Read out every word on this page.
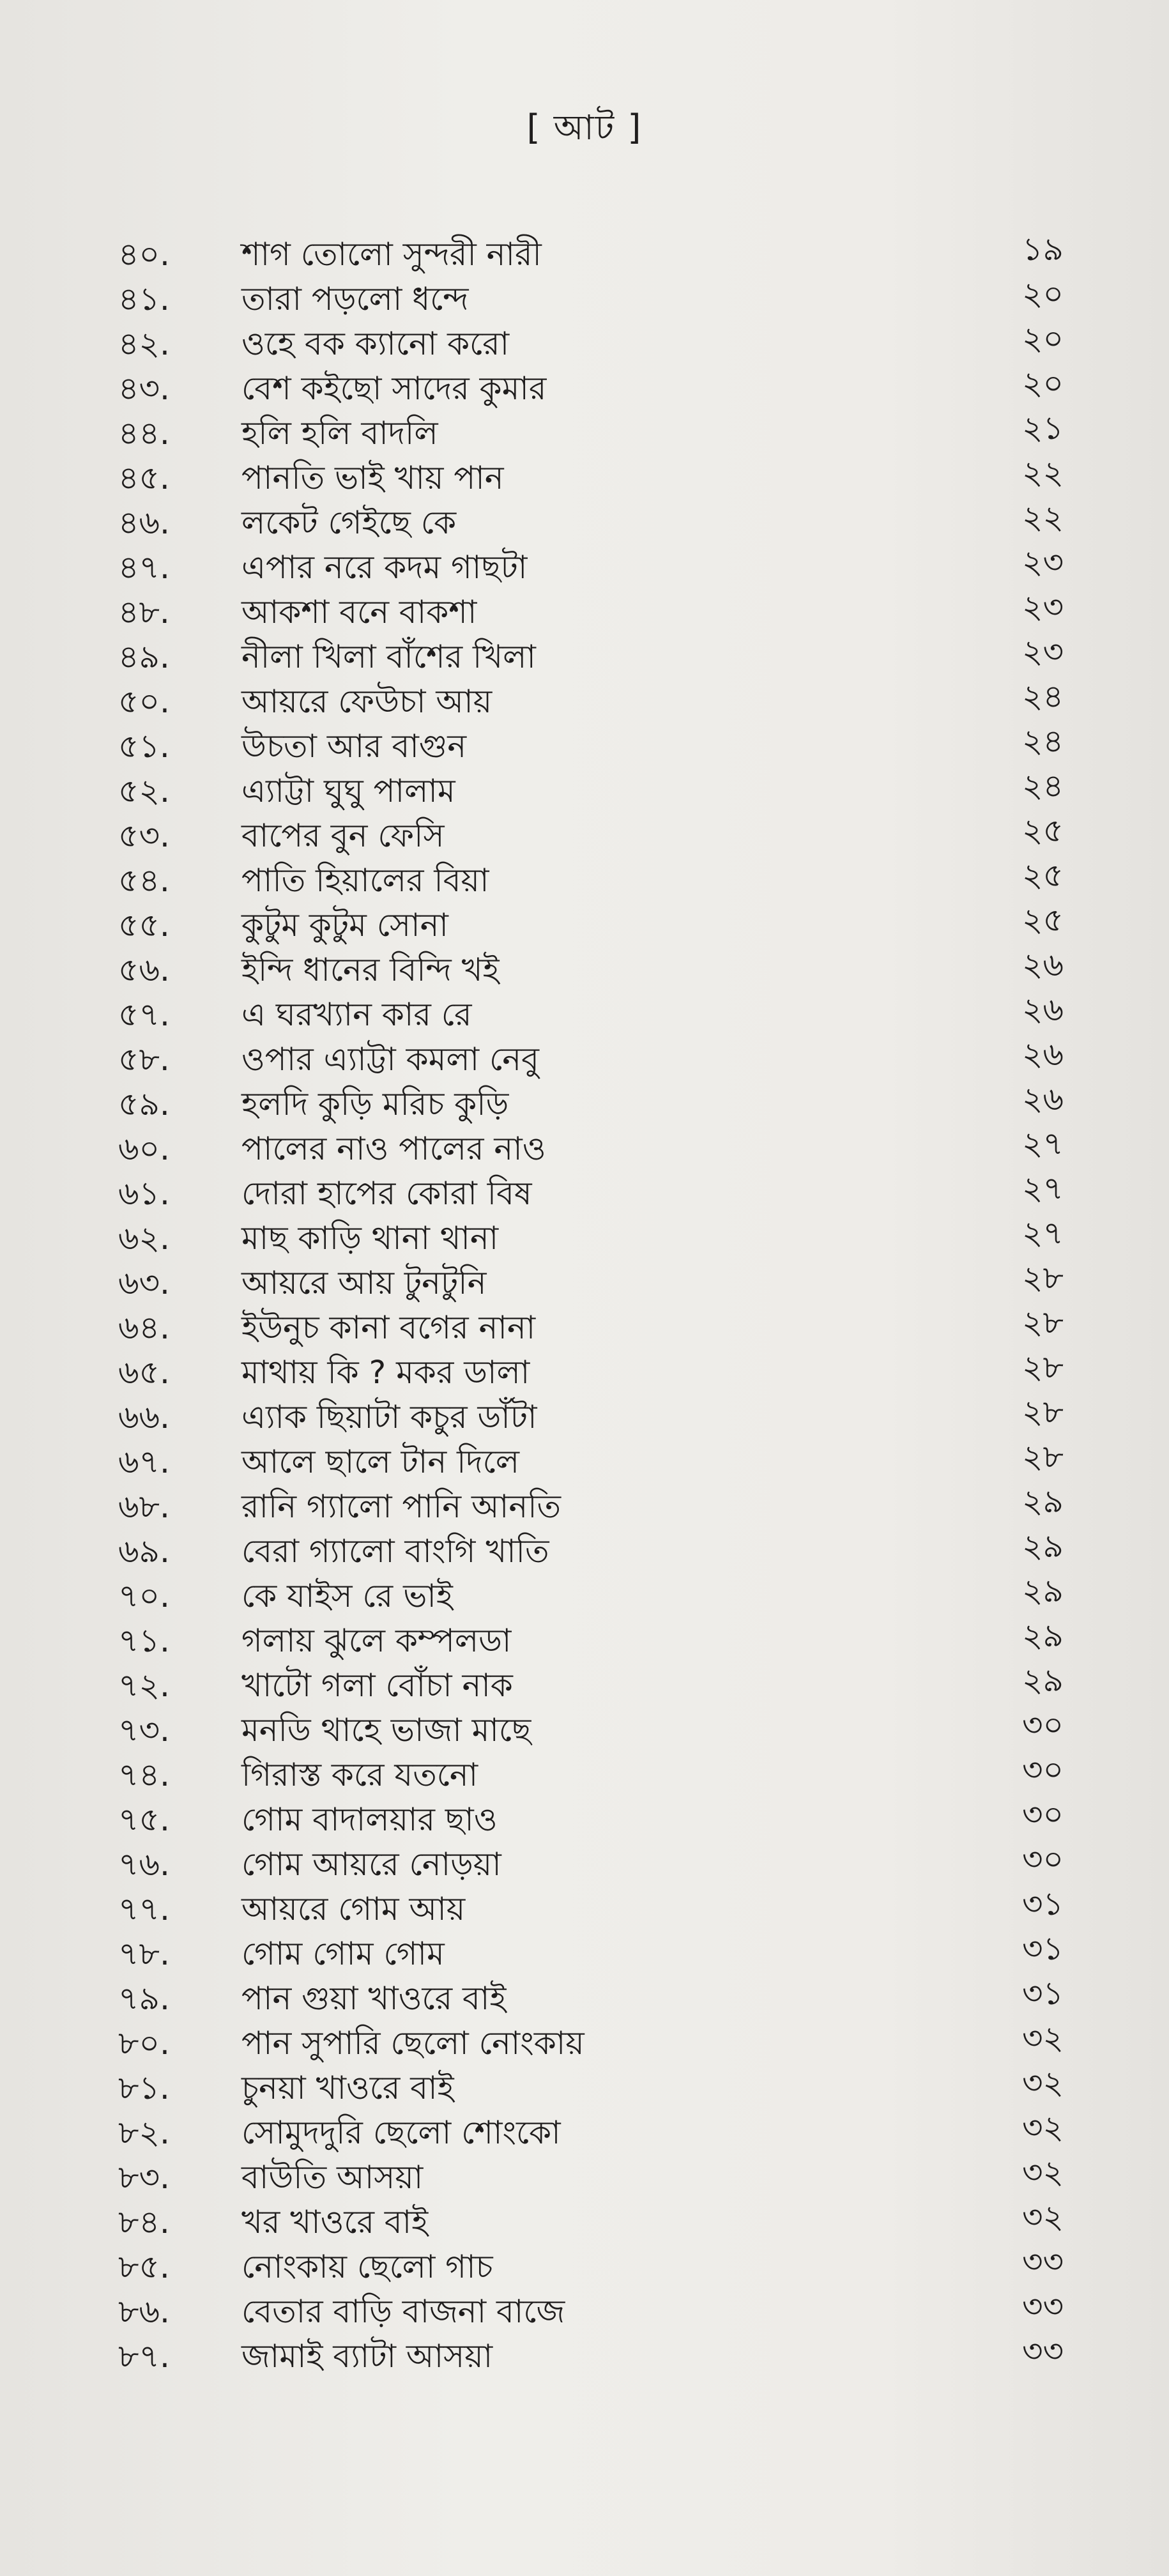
[ আট ]
৪০. শাগ তোলো সুন্দরী নারী	১৯
৪১. তারা পড়লো ধন্দে	২০
৪২. ওহে বক ক্যানো করো	২০
৪৩. বেশ কইছো সাদের কুমার	২০
৪৪. হলি হলি বাদলি	২১
৪৫. পানতি ভাই খায় পান	২২
৪৬. লকেট গেইছে কে	২২
৪৭. এপার নরে কদম গাছটা	২৩
৪৮. আকশা বনে বাকশা	২৩
৪৯. নীলা খিলা বাঁশের খিলা	২৩
৫০. আয়রে ফেউচা আয়	২৪
৫১. উচতা আর বাগুন	২৪
৫২. এ্যাট্টা ঘুঘু পালাম	২৪
৫৩. বাপের বুন ফেসি	২৫
৫৪. পাতি হিয়ালের বিয়া	২৫
৫৫. কুটুম কুটুম সোনা	২৫
৫৬. ইন্দি ধানের বিন্দি খই	২৬
৫৭. এ ঘরখ্যান কার রে	২৬
৫৮. ওপার এ্যাট্টা কমলা নেবু	২৬
৫৯. হলদি কুড়ি মরিচ কুড়ি	২৬
৬০. পালের নাও পালের নাও	২৭
৬১. দোরা হাপের কোরা বিষ	২৭
৬২. মাছ কাড়ি থানা থানা	২৭
৬৩. আয়রে আয় টুনটুনি	২৮
৬৪. ইউনুচ কানা বগের নানা	২৮
৬৫. মাথায় কি ? মকর ডালা	২৮
৬৬. এ্যাক ছিয়াটা কচুর ডাঁটা	২৮
৬৭. আলে ছালে টান দিলে	২৮
৬৮. রানি গ্যালো পানি আনতি	২৯
৬৯. বেরা গ্যালো বাংগি খাতি	২৯
৭০. কে যাইস রে ভাই	২৯
৭১. গলায় ঝুলে কম্পলডা	২৯
৭২. খাটো গলা বোঁচা নাক	২৯
৭৩. মনডি থাহে ভাজা মাছে	৩০
৭৪. গিরাস্ত করে যতনো	৩০
৭৫. গোম বাদালয়ার ছাও	৩০
৭৬. গোম আয়রে নোড়য়া	৩০
৭৭. আয়রে গোম আয়	৩১
৭৮. গোম গোম গোম	৩১
৭৯. পান গুয়া খাওরে বাই	৩১
৮০. পান সুপারি ছেলো নোংকায়	৩২
৮১. চুনয়া খাওরে বাই	৩২
৮২. সোমুদদুরি ছেলো শোংকো	৩২
৮৩. বাউতি আসয়া	৩২
৮৪. খর খাওরে বাই	৩২
৮৫. নোংকায় ছেলো গাচ	৩৩
৮৬. বেতার বাড়ি বাজনা বাজে	৩৩
৮৭. জামাই ব্যাটা আসয়া	৩৩
